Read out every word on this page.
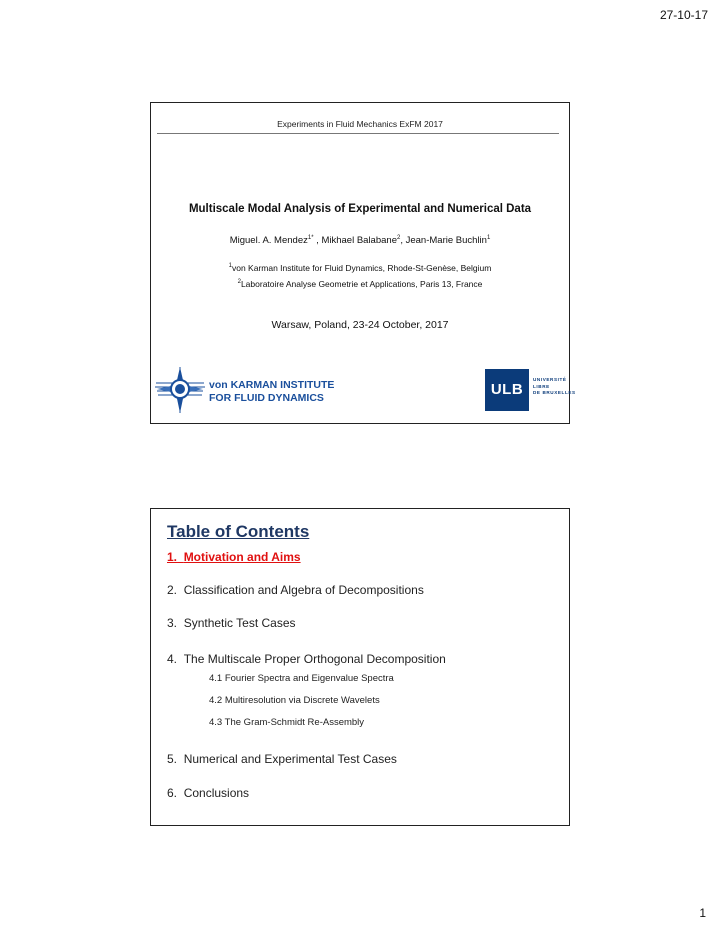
27-10-17
Experiments in Fluid Mechanics ExFM 2017
Multiscale Modal Analysis of Experimental and Numerical Data
Miguel. A. Mendez$^{1*}$ , Mikhael Balabane$^2$, Jean-Marie Buchlin$^1$
$^1$von Karman Institute for Fluid Dynamics, Rhode-St-Genèse, Belgium
$^2$Laboratoire Analyse Geometrie et Applications, Paris 13, France
Warsaw, Poland, 23-24 October, 2017
von KARMAN INSTITUTE
FOR FLUID DYNAMICS	ULB
UNIVERSITÉ
LIBRE
DE BRUXELLES
Table of Contents
1. Motivation and Aims
2. Classification and Algebra of Decompositions
3. Synthetic Test Cases
4. The Multiscale Proper Orthogonal Decomposition
4.1 Fourier Spectra and Eigenvalue Spectra
4.2 Multiresolution via Discrete Wavelets
4.3 The Gram-Schmidt Re-Assembly
5. Numerical and Experimental Test Cases
6. Conclusions
1
